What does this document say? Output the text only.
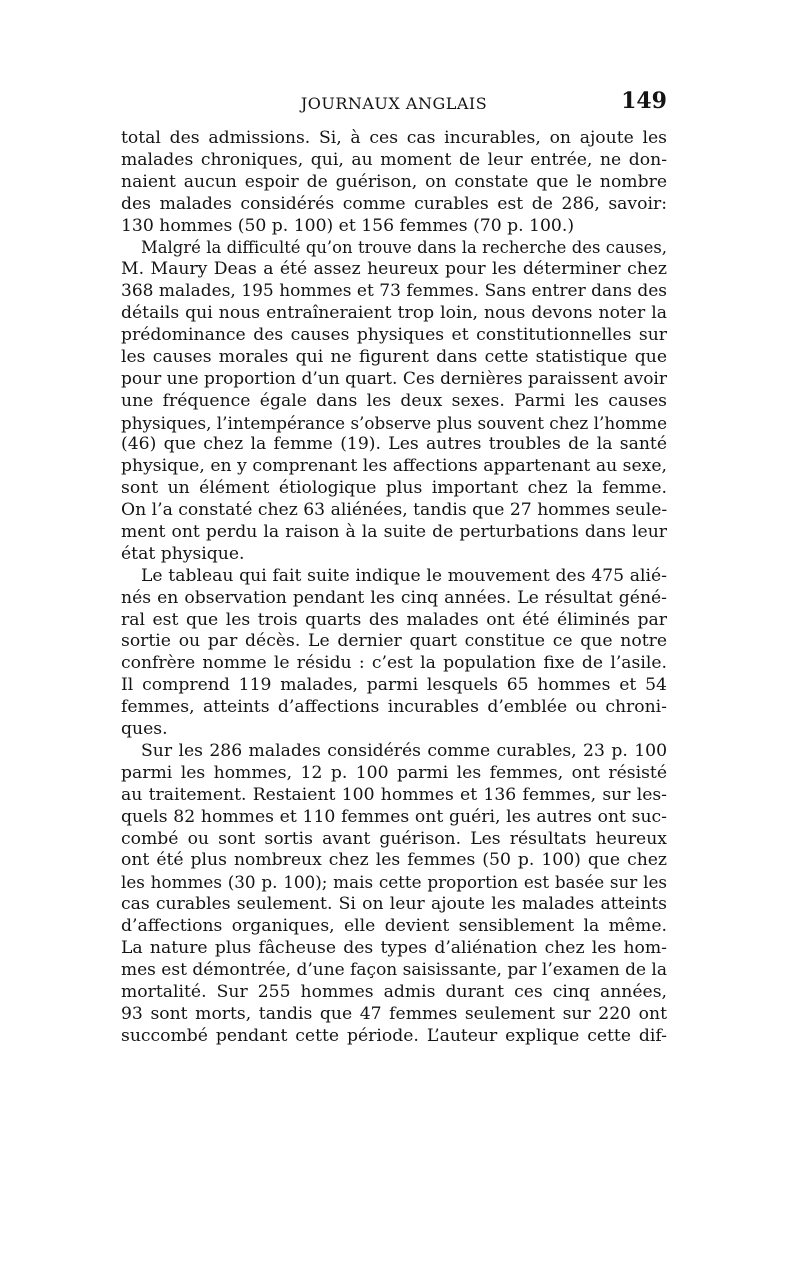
JOURNAUX ANGLAIS	149
total des admissions. Si, à ces cas incurables, on ajoute les
malades chroniques, qui, au moment de leur entrée, ne don-
naient aucun espoir de guérison, on constate que le nombre
des malades considérés comme curables est de 286, savoir:
130 hommes (50 p. 100) et 156 femmes (70 p. 100.)
Malgré la difficulté qu’on trouve dans la recherche des causes,
M. Maury Deas a été assez heureux pour les déterminer chez
368 malades, 195 hommes et 73 femmes. Sans entrer dans des
détails qui nous entraîneraient trop loin, nous devons noter la
prédominance des causes physiques et constitutionnelles sur
les causes morales qui ne figurent dans cette statistique que
pour une proportion d’un quart. Ces dernières paraissent avoir
une fréquence égale dans les deux sexes. Parmi les causes
physiques, l’intempérance s’observe plus souvent chez l’homme
(46) que chez la femme (19). Les autres troubles de la santé
physique, en y comprenant les affections appartenant au sexe,
sont un élément étiologique plus important chez la femme.
On l’a constaté chez 63 aliénées, tandis que 27 hommes seule-
ment ont perdu la raison à la suite de perturbations dans leur
état physique.
Le tableau qui fait suite indique le mouvement des 475 alié-
nés en observation pendant les cinq années. Le résultat géné-
ral est que les trois quarts des malades ont été éliminés par
sortie ou par décès. Le dernier quart constitue ce que notre
confrère nomme le résidu : c’est la population fixe de l’asile.
Il comprend 119 malades, parmi lesquels 65 hommes et 54
femmes, atteints d’affections incurables d’emblée ou chroni-
ques.
Sur les 286 malades considérés comme curables, 23 p. 100
parmi les hommes, 12 p. 100 parmi les femmes, ont résisté
au traitement. Restaient 100 hommes et 136 femmes, sur les-
quels 82 hommes et 110 femmes ont guéri, les autres ont suc-
combé ou sont sortis avant guérison. Les résultats heureux
ont été plus nombreux chez les femmes (50 p. 100) que chez
les hommes (30 p. 100); mais cette proportion est basée sur les
cas curables seulement. Si on leur ajoute les malades atteints
d’affections organiques, elle devient sensiblement la même.
La nature plus fâcheuse des types d’aliénation chez les hom-
mes est démontrée, d’une façon saisissante, par l’examen de la
mortalité. Sur 255 hommes admis durant ces cinq années,
93 sont morts, tandis que 47 femmes seulement sur 220 ont
succombé pendant cette période. L’auteur explique cette dif-
